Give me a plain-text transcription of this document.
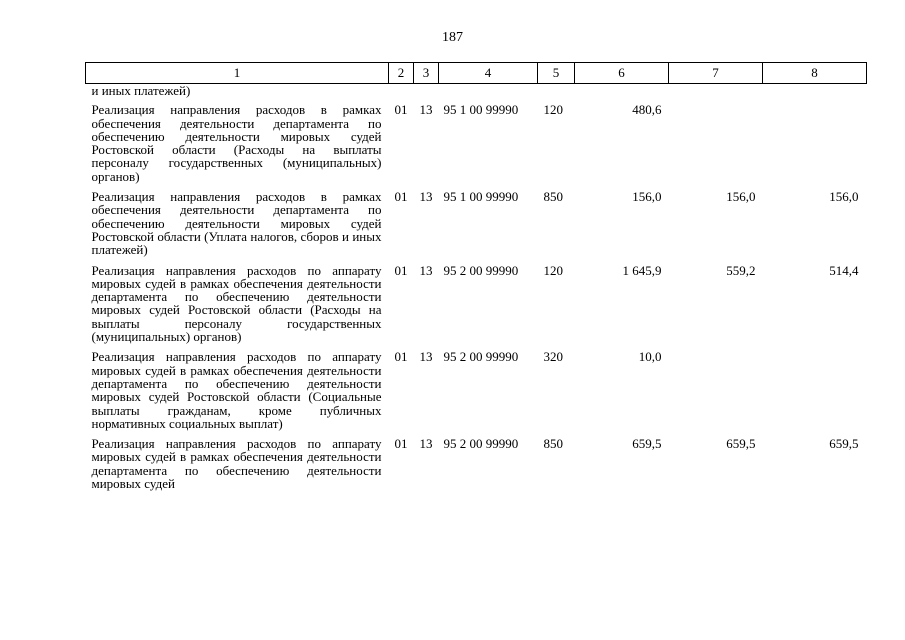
187
1	2	3	4	5	6	7	8
и иных платежей)							
Реализация направления расходов в рамках обеспечения деятельности департамента по обеспечению деятельности мировых судей Ростовской области (Расходы на выплаты персоналу государственных (муниципальных) органов)	01	13	95 1 00 99990	120	480,6		
Реализация направления расходов в рамках обеспечения деятельности департамента по обеспечению деятельности мировых судей Ростовской области (Уплата налогов, сборов и иных платежей)	01	13	95 1 00 99990	850	156,0	156,0	156,0
Реализация направления расходов по аппарату мировых судей в рамках обеспечения деятельности департамента по обеспечению деятельности мировых судей Ростовской области (Расходы на выплаты персоналу государственных (муниципальных) органов)	01	13	95 2 00 99990	120	1 645,9	559,2	514,4
Реализация направления расходов по аппарату мировых судей в рамках обеспечения деятельности департамента по обеспечению деятельности мировых судей Ростовской области (Социальные выплаты гражданам, кроме публичных нормативных социальных выплат)	01	13	95 2 00 99990	320	10,0		
Реализация направления расходов по аппарату мировых судей в рамках обеспечения деятельности департамента по обеспечению деятельности мировых судей	01	13	95 2 00 99990	850	659,5	659,5	659,5
